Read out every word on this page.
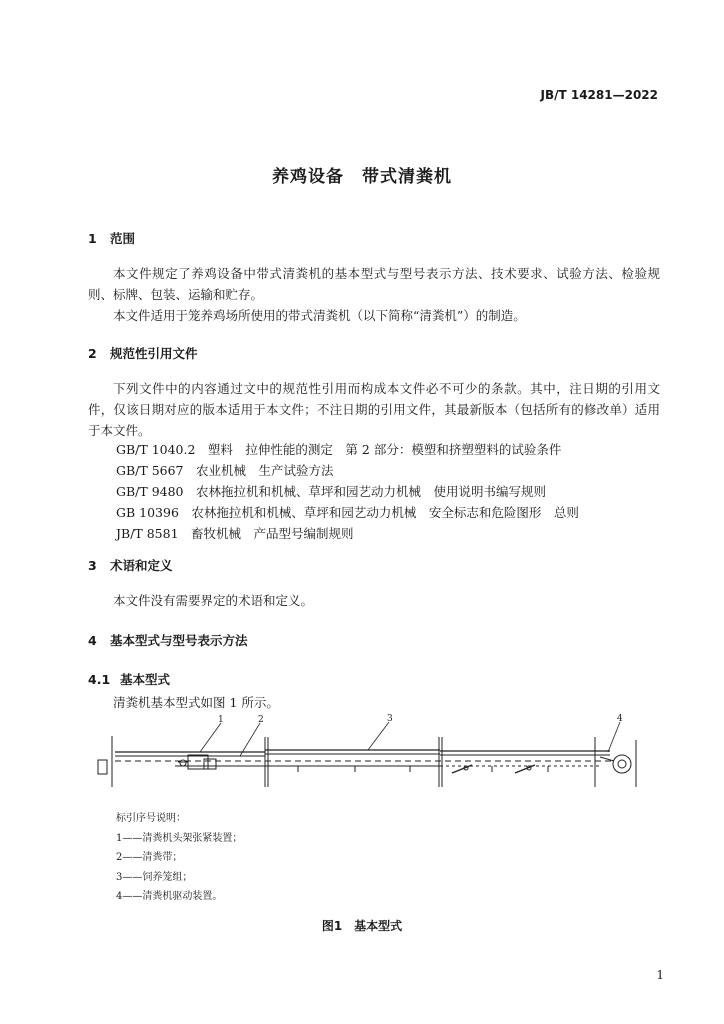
JB/T 14281—2022
养鸡设备　带式清粪机
1 范围
本文件规定了养鸡设备中带式清粪机的基本型式与型号表示方法、技术要求、试验方法、检验规则、标牌、包装、运输和贮存。
本文件适用于笼养鸡场所使用的带式清粪机（以下简称“清粪机”）的制造。
2 规范性引用文件
下列文件中的内容通过文中的规范性引用而构成本文件必不可少的条款。其中，注日期的引用文件，仅该日期对应的版本适用于本文件；不注日期的引用文件，其最新版本（包括所有的修改单）适用于本文件。
GB/T 1040.2　塑料　拉伸性能的测定　第 2 部分：模塑和挤塑塑料的试验条件
GB/T 5667　农业机械　生产试验方法
GB/T 9480　农林拖拉机和机械、草坪和园艺动力机械　使用说明书编写规则
GB 10396　农林拖拉机和机械、草坪和园艺动力机械　安全标志和危险图形　总则
JB/T 8581　畜牧机械　产品型号编制规则
3 术语和定义
本文件没有需要界定的术语和定义。
4 基本型式与型号表示方法
4.1 基本型式
清粪机基本型式如图 1 所示。
1	2	3	4
标引序号说明：
1——清粪机头架张紧装置；
2——清粪带；
3——饲养笼组；
4——清粪机驱动装置。
图1　基本型式
1
